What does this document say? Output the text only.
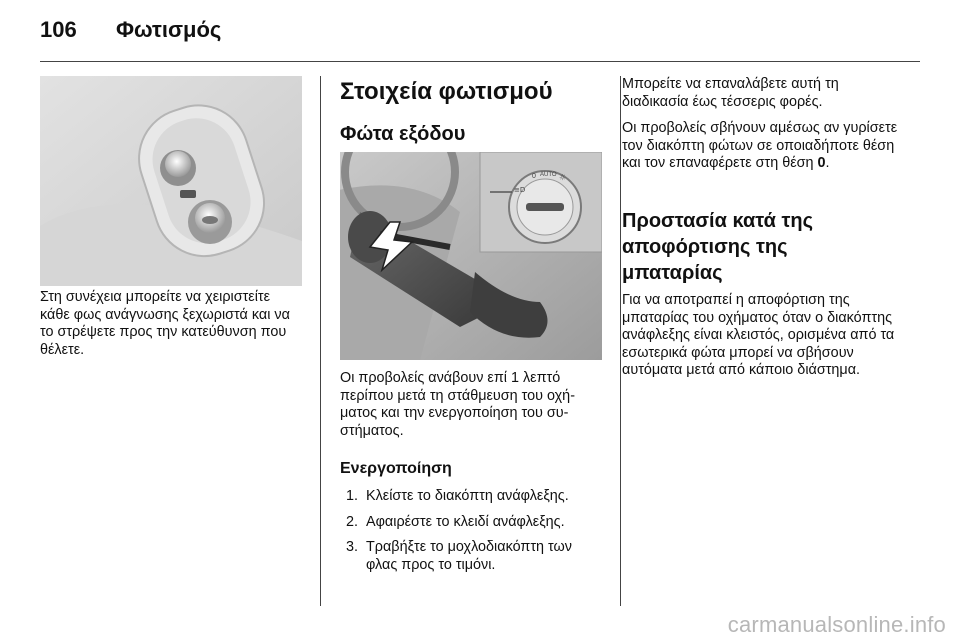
106 Φωτισμός

Στη συνέχεια μπορείτε να χειριστείτε κάθε φως ανάγνωσης ξεχωριστά και να το στρέψετε προς την κατεύθυνση που θέλετε.

Στοιχεία φωτισμού
Φώτα εξόδου
0 AUTO ☼
≡D

Οι προβολείς ανάβουν επί 1 λεπτό περίπου μετά τη στάθμευση του οχήματος και την ενεργοποίηση του συστήματος.

Ενεργοποίηση
1. Κλείστε το διακόπτη ανάφλεξης.
2. Αφαιρέστε το κλειδί ανάφλεξης.
3. Τραβήξτε το μοχλοδιακόπτη των φλας προς το τιμόνι.

Μπορείτε να επαναλάβετε αυτή τη διαδικασία έως τέσσερις φορές.

Οι προβολείς σβήνουν αμέσως αν γυρίσετε τον διακόπτη φώτων σε οποιαδήποτε θέση και τον επαναφέρετε στη θέση 0.

Προστασία κατά της αποφόρτισης της μπαταρίας

Για να αποτραπεί η αποφόρτιση της μπαταρίας του οχήματος όταν ο διακόπτης ανάφλεξης είναι κλειστός, ορισμένα από τα εσωτερικά φώτα μπορεί να σβήσουν αυτόματα μετά από κάποιο διάστημα.

carmanualsonline.info
